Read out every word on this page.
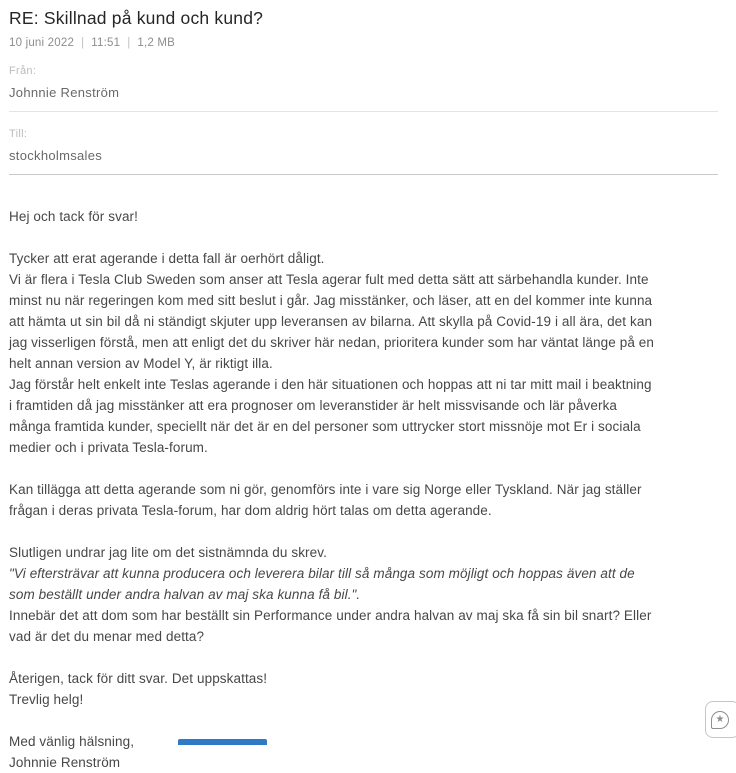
RE: Skillnad på kund och kund?
10 juni 2022 | 11:51 | 1,2 MB
Från:
Johnnie Renström
Till:
stockholmsales
Hej och tack för svar!

Tycker att erat agerande i detta fall är oerhört dåligt.
Vi är flera i Tesla Club Sweden som anser att Tesla agerar fult med detta sätt att särbehandla kunder. Inte
minst nu när regeringen kom med sitt beslut i går. Jag misstänker, och läser, att en del kommer inte kunna
att hämta ut sin bil då ni ständigt skjuter upp leveransen av bilarna. Att skylla på Covid-19 i all ära, det kan
jag visserligen förstå, men att enligt det du skriver här nedan, prioritera kunder som har väntat länge på en
helt annan version av Model Y, är riktigt illa.
Jag förstår helt enkelt inte Teslas agerande i den här situationen och hoppas att ni tar mitt mail i beaktning
i framtiden då jag misstänker att era prognoser om leveranstider är helt missvisande och lär påverka
många framtida kunder, speciellt när det är en del personer som uttrycker stort missnöje mot Er i sociala
medier och i privata Tesla-forum.

Kan tillägga att detta agerande som ni gör, genomförs inte i vare sig Norge eller Tyskland. När jag ställer
frågan i deras privata Tesla-forum, har dom aldrig hört talas om detta agerande.

Slutligen undrar jag lite om det sistnämnda du skrev.
"Vi eftersträvar att kunna producera och leverera bilar till så många som möjligt och hoppas även att de
som beställt under andra halvan av maj ska kunna få bil.".
Innebär det att dom som har beställt sin Performance under andra halvan av maj ska få sin bil snart? Eller
vad är det du menar med detta?

Återigen, tack för ditt svar. Det uppskattas!
Trevlig helg!

Med vänlig hälsning,
Johnnie Renström
★
